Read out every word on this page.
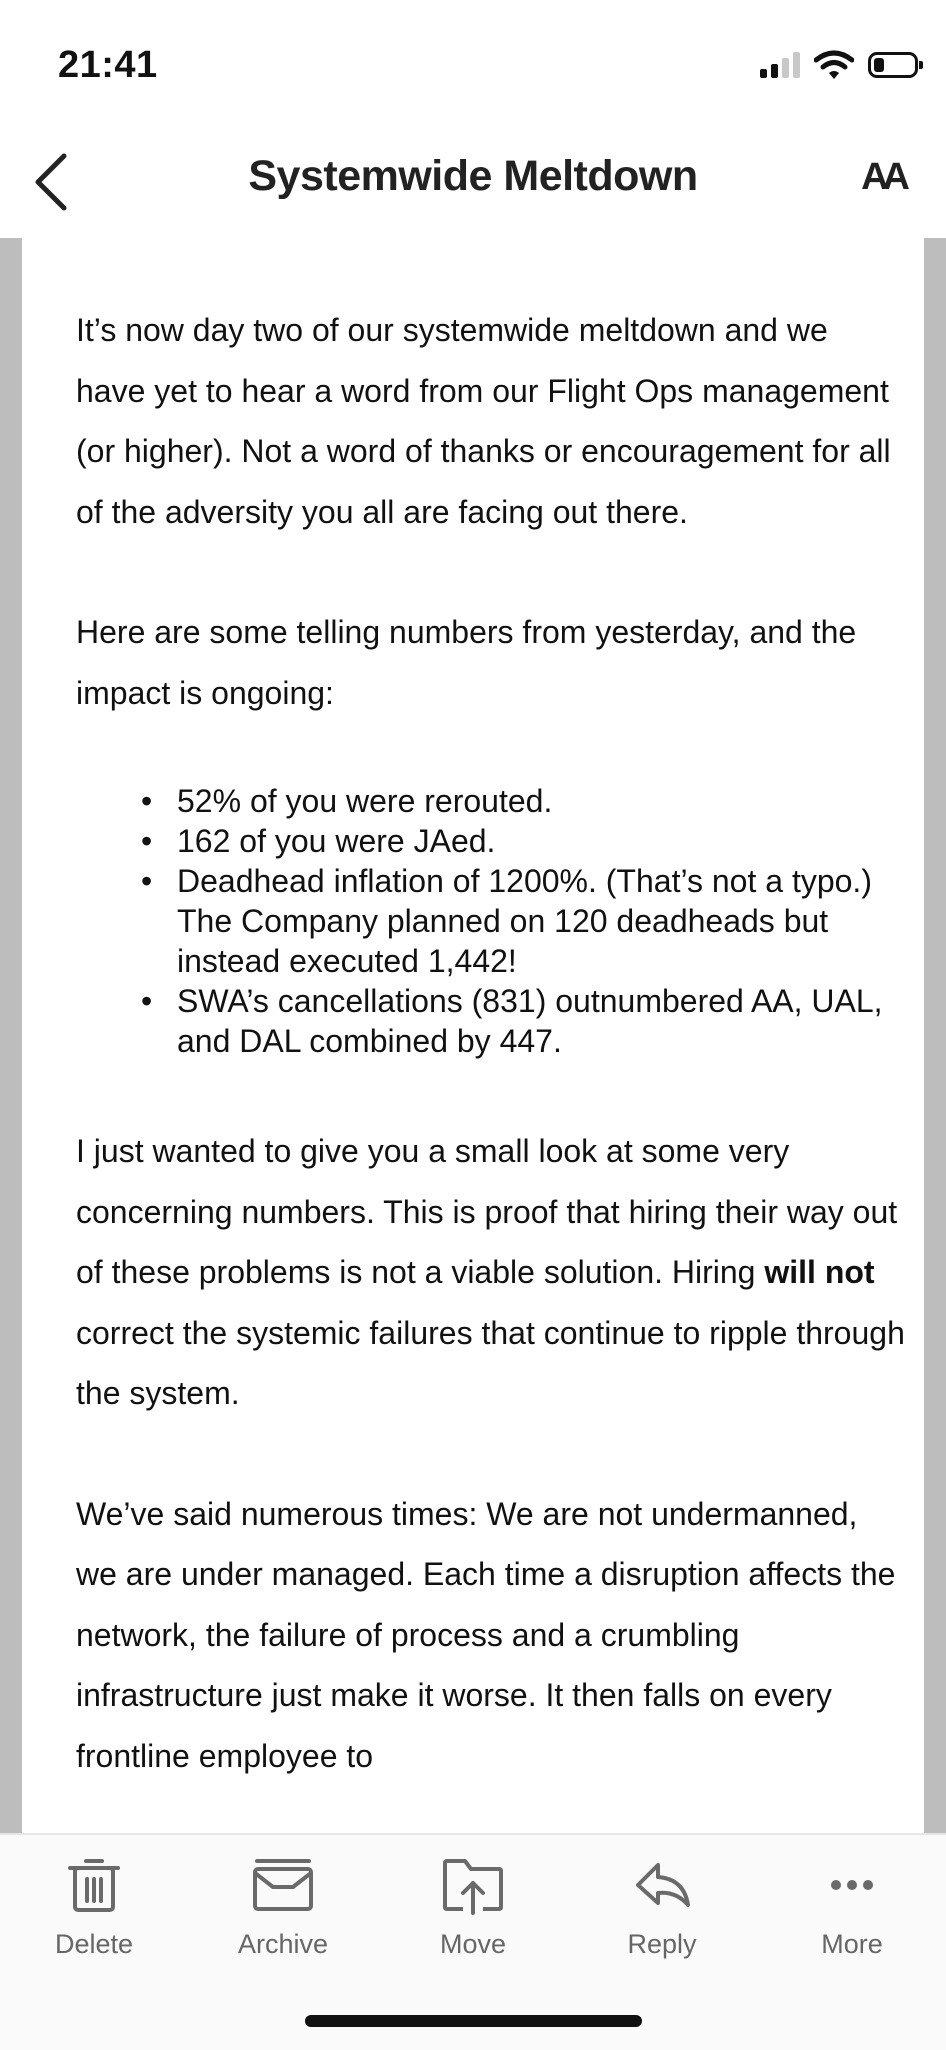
21:41
Systemwide Meltdown	AA

It’s now day two of our systemwide meltdown and we have yet to hear a word from our Flight Ops management (or higher). Not a word of thanks or encouragement for all of the adversity you all are facing out there.

Here are some telling numbers from yesterday, and the impact is ongoing:

• 52% of you were rerouted.
• 162 of you were JAed.
• Deadhead inflation of 1200%. (That’s not a typo.) The Company planned on 120 deadheads but instead executed 1,442!
• SWA’s cancellations (831) outnumbered AA, UAL, and DAL combined by 447.

I just wanted to give you a small look at some very concerning numbers. This is proof that hiring their way out of these problems is not a viable solution. Hiring will not correct the systemic failures that continue to ripple through the system.

We’ve said numerous times: We are not undermanned, we are under managed. Each time a disruption affects the network, the failure of process and a crumbling infrastructure just make it worse. It then falls on every frontline employee to

Delete	Archive	Move	Reply	More
